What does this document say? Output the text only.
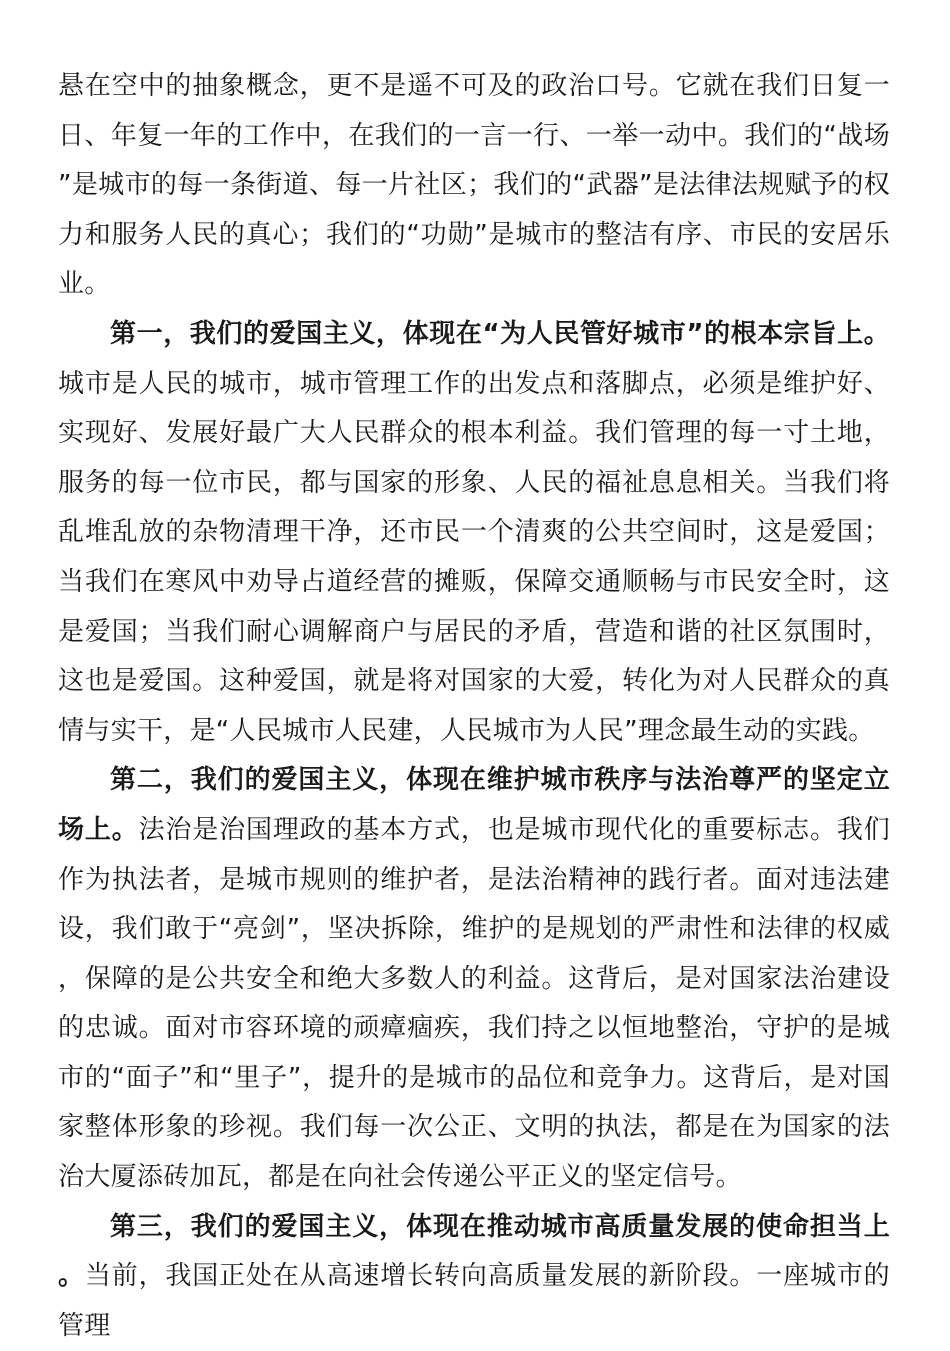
悬在空中的抽象概念，更不是遥不可及的政治口号。它就在我们日复一日、年复一年的工作中，在我们的一言一行、一举一动中。我们的“战场”是城市的每一条街道、每一片社区；我们的“武器”是法律法规赋予的权力和服务人民的真心；我们的“功勋”是城市的整洁有序、市民的安居乐业。

第一，我们的爱国主义，体现在“为人民管好城市”的根本宗旨上。城市是人民的城市，城市管理工作的出发点和落脚点，必须是维护好、实现好、发展好最广大人民群众的根本利益。我们管理的每一寸土地，服务的每一位市民，都与国家的形象、人民的福祉息息相关。当我们将乱堆乱放的杂物清理干净，还市民一个清爽的公共空间时，这是爱国；当我们在寒风中劝导占道经营的摊贩，保障交通顺畅与市民安全时，这是爱国；当我们耐心调解商户与居民的矛盾，营造和谐的社区氛围时，这也是爱国。这种爱国，就是将对国家的大爱，转化为对人民群众的真情与实干，是“人民城市人民建，人民城市为人民”理念最生动的实践。

第二，我们的爱国主义，体现在维护城市秩序与法治尊严的坚定立场上。法治是治国理政的基本方式，也是城市现代化的重要标志。我们作为执法者，是城市规则的维护者，是法治精神的践行者。面对违法建设，我们敢于“亮剑”，坚决拆除，维护的是规划的严肃性和法律的权威，保障的是公共安全和绝大多数人的利益。这背后，是对国家法治建设的忠诚。面对市容环境的顽瘴痼疾，我们持之以恒地整治，守护的是城市的“面子”和“里子”，提升的是城市的品位和竞争力。这背后，是对国家整体形象的珍视。我们每一次公正、文明的执法，都是在为国家的法治大厦添砖加瓦，都是在向社会传递公平正义的坚定信号。

第三，我们的爱国主义，体现在推动城市高质量发展的使命担当上。当前，我国正处在从高速增长转向高质量发展的新阶段。一座城市的管理
